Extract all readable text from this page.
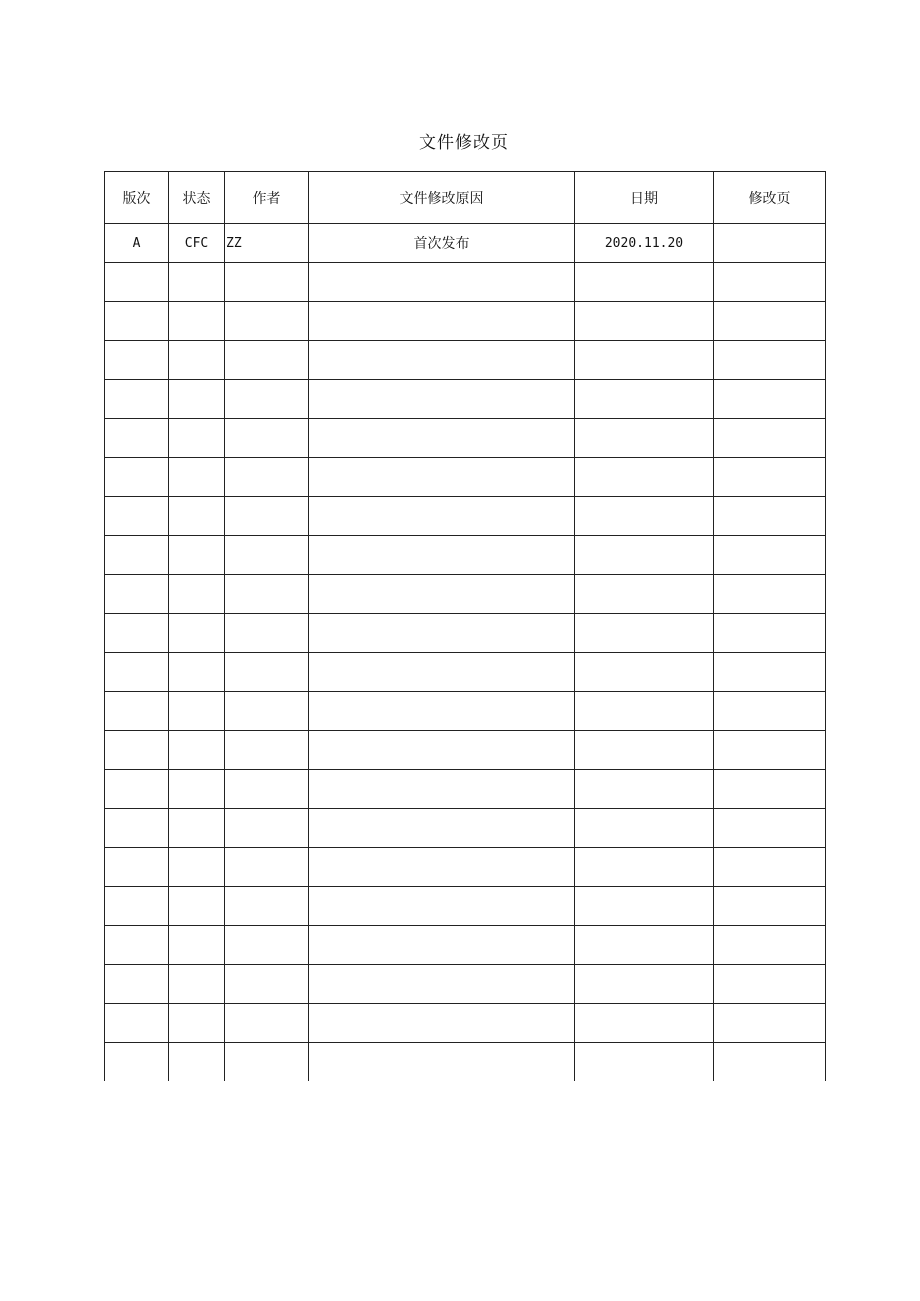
文件修改页
版次	状态	作者	文件修改原因	日期	修改页
A	CFC	ZZ	首次发布	2020.11.20	
